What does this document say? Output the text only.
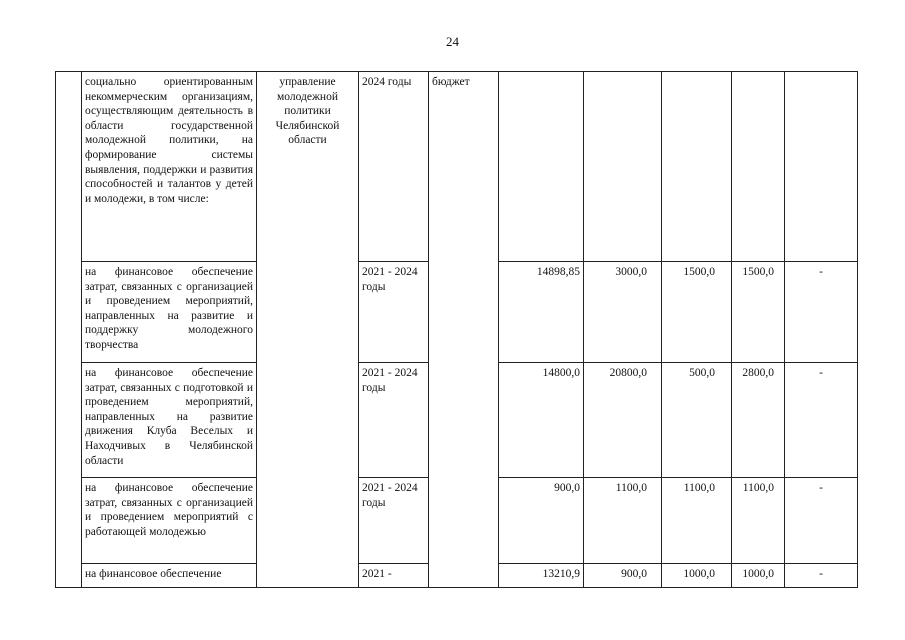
24
	социально ориентированным некоммерческим организациям, осуществляющим деятельность в области государственной молодежной политики, на формирование системы выявления, поддержки и развития способностей и талантов у детей и молодежи, в том числе:	управление молодежной политики Челябинской области	2024 годы	бюджет					
	на финансовое обеспечение затрат, связанных с организацией и проведением мероприятий, направленных на развитие и поддержку молодежного творчества		2021 - 2024 годы		14898,85	3000,0	1500,0	1500,0	-
	на финансовое обеспечение затрат, связанных с подготовкой и проведением мероприятий, направленных на развитие движения Клуба Веселых и Находчивых в Челябинской области		2021 - 2024 годы		14800,0	20800,0	500,0	2800,0	-
	на финансовое обеспечение затрат, связанных с организацией и проведением мероприятий с работающей молодежью		2021 - 2024 годы		900,0	1100,0	1100,0	1100,0	-
	на финансовое обеспечение		2021 -		13210,9	900,0	1000,0	1000,0	-
